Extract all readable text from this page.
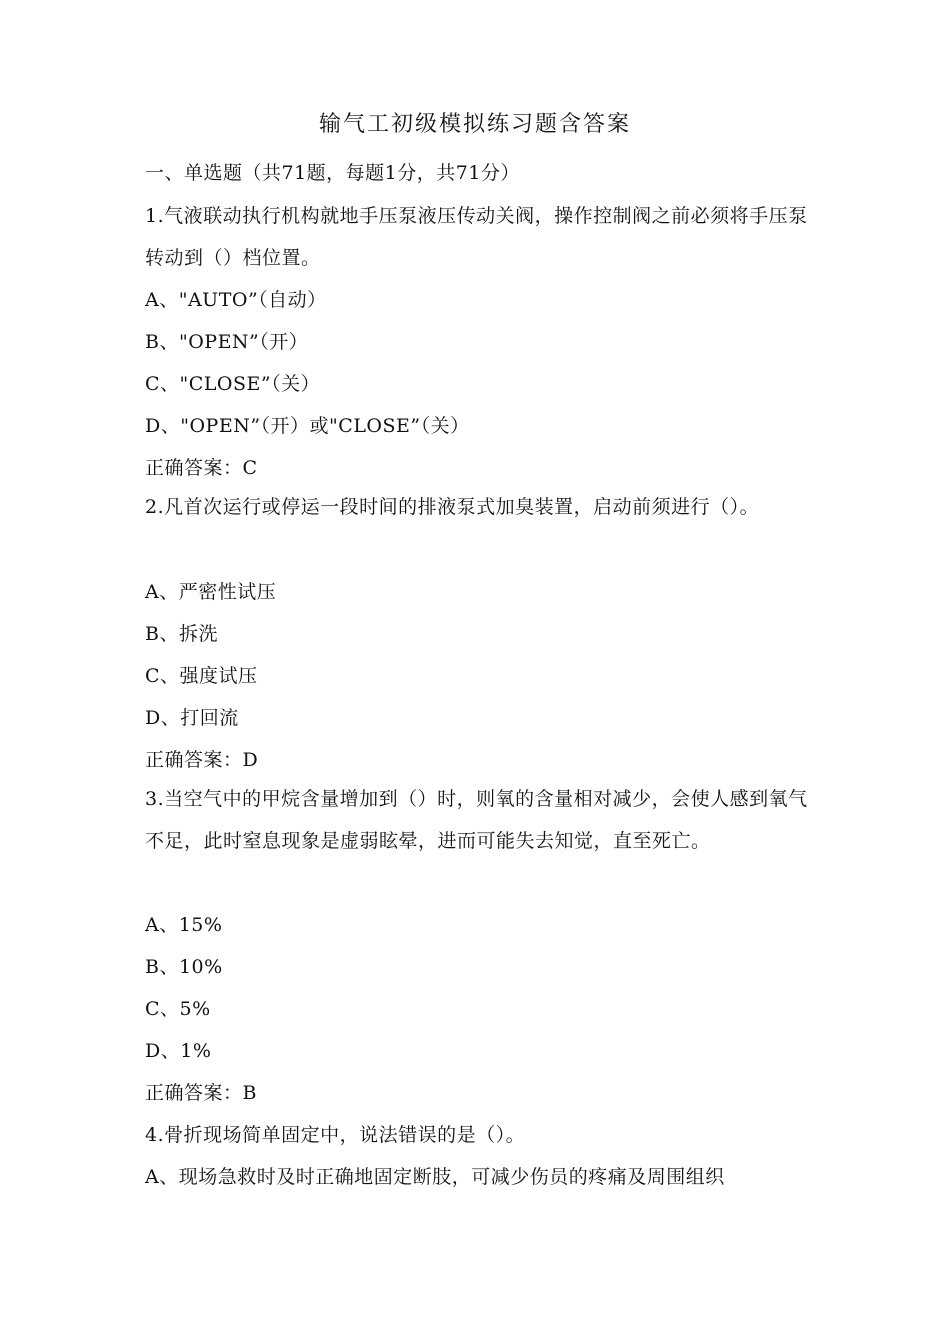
输气工初级模拟练习题含答案
一、单选题（共71题，每题1分，共71分）
1.气液联动执行机构就地手压泵液压传动关阀，操作控制阀之前必须将手压泵转动到（）档位置。
A、"AUTO”（自动）
B、"OPEN”（开）
C、"CLOSE”（关）
D、"OPEN”（开）或"CLOSE”（关）
正确答案：C
2.凡首次运行或停运一段时间的排液泵式加臭装置，启动前须进行（）。
A、严密性试压
B、拆洗
C、强度试压
D、打回流
正确答案：D
3.当空气中的甲烷含量增加到（）时，则氧的含量相对减少，会使人感到氧气不足，此时窒息现象是虚弱眩晕，进而可能失去知觉，直至死亡。
A、15%
B、10%
C、5%
D、1%
正确答案：B
4.骨折现场简单固定中，说法错误的是（）。
A、现场急救时及时正确地固定断肢，可减少伤员的疼痛及周围组织
